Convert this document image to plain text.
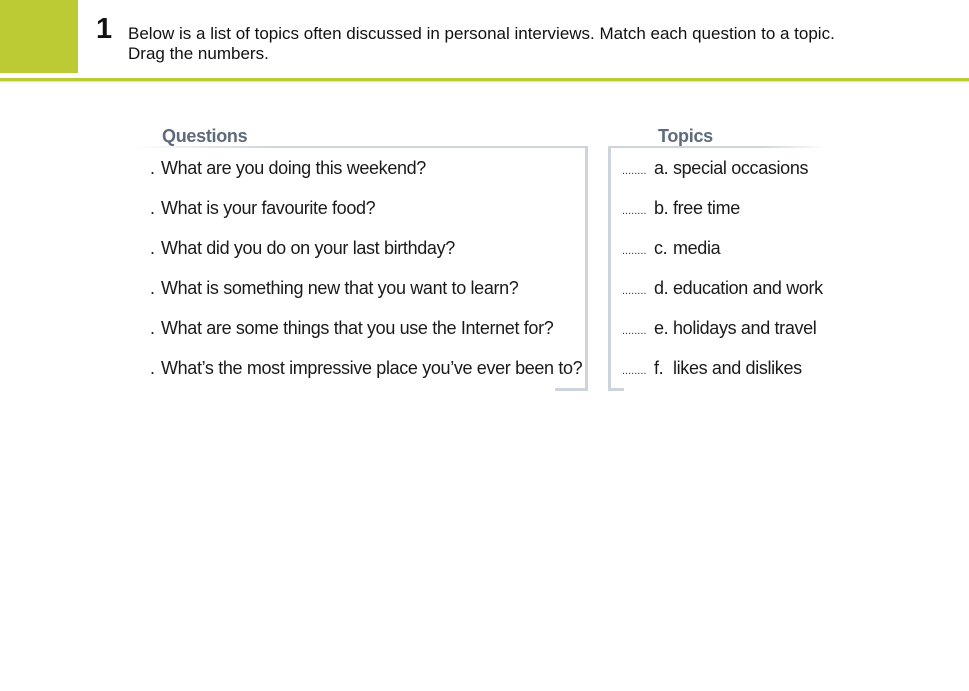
1 Below is a list of topics often discussed in personal interviews. Match each question to a topic.
Drag the numbers.
Questions	Topics
. What are you doing this weekend?
. What is your favourite food?
. What did you do on your last birthday?
. What is something new that you want to learn?
. What are some things that you use the Internet for?
. What’s the most impressive place you’ve ever been to?
........ a. special occasions
........ b. free time
........ c. media
........ d. education and work
........ e. holidays and travel
........ f. likes and dislikes
